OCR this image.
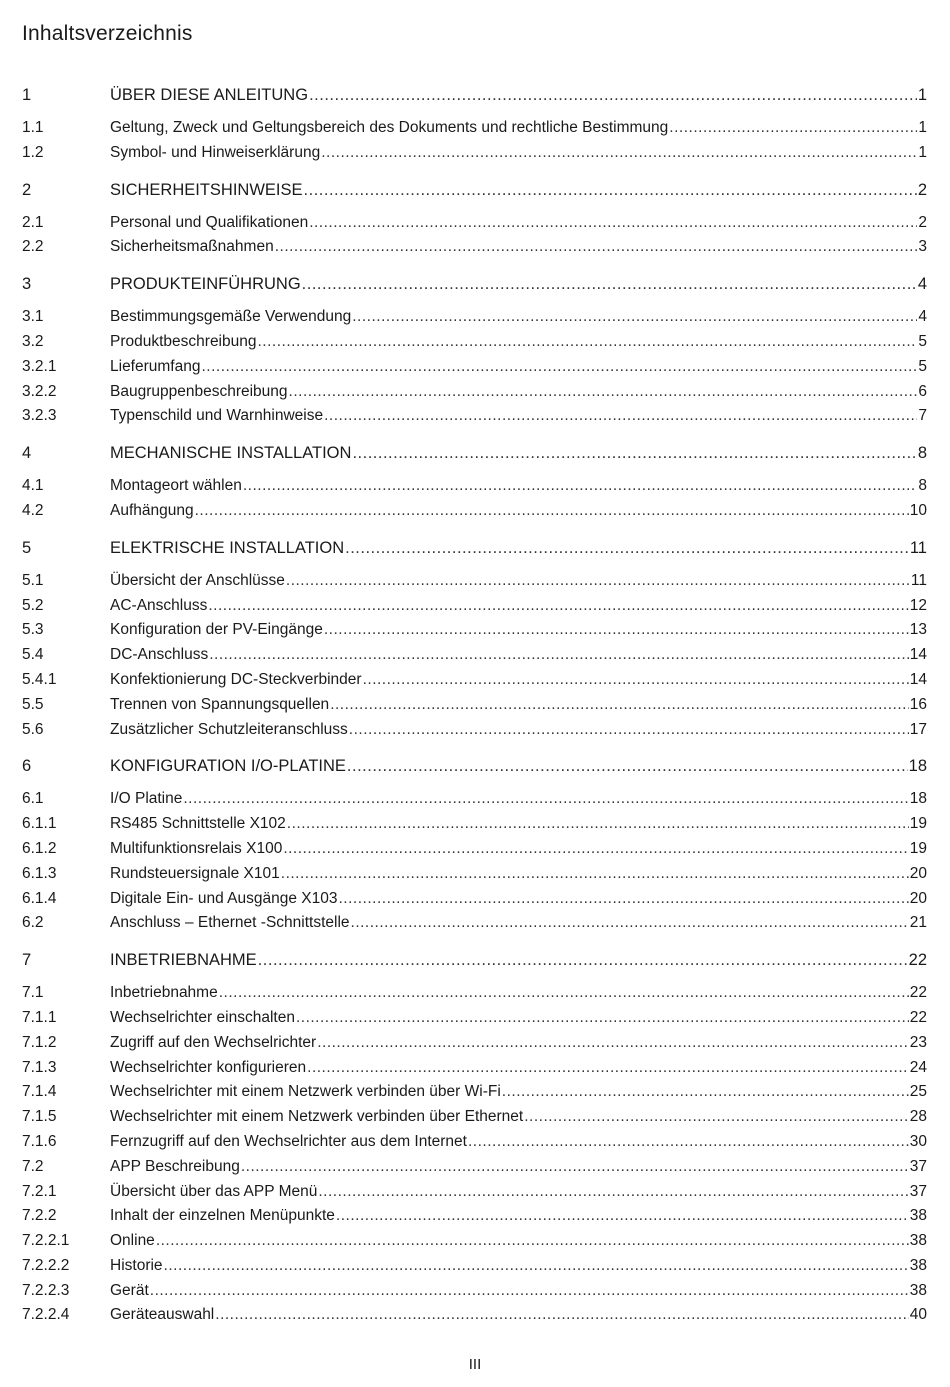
Inhaltsverzeichnis
1	ÜBER DIESE ANLEITUNG .....	1
1.1	Geltung, Zweck und Geltungsbereich des Dokuments und rechtliche Bestimmung .....	1
1.2	Symbol- und Hinweiserklärung .....	1
2	SICHERHEITSHINWEISE .....	2
2.1	Personal und Qualifikationen .....	2
2.2	Sicherheitsmaßnahmen .....	3
3	PRODUKTEINFÜHRUNG .....	4
3.1	Bestimmungsgemäße Verwendung .....	4
3.2	Produktbeschreibung .....	5
3.2.1	Lieferumfang .....	5
3.2.2	Baugruppenbeschreibung .....	6
3.2.3	Typenschild und Warnhinweise .....	7
4	MECHANISCHE INSTALLATION .....	8
4.1	Montageort wählen .....	8
4.2	Aufhängung .....	10
5	ELEKTRISCHE INSTALLATION .....	11
5.1	Übersicht der Anschlüsse .....	11
5.2	AC-Anschluss .....	12
5.3	Konfiguration der PV-Eingänge .....	13
5.4	DC-Anschluss .....	14
5.4.1	Konfektionierung DC-Steckverbinder .....	14
5.5	Trennen von Spannungsquellen .....	16
5.6	Zusätzlicher Schutzleiteranschluss .....	17
6	KONFIGURATION I/O-PLATINE .....	18
6.1	I/O Platine .....	18
6.1.1	RS485 Schnittstelle X102 .....	19
6.1.2	Multifunktionsrelais X100 .....	19
6.1.3	Rundsteuersignale X101 .....	20
6.1.4	Digitale Ein- und Ausgänge X103 .....	20
6.2	Anschluss – Ethernet -Schnittstelle .....	21
7	INBETRIEBNAHME .....	22
7.1	Inbetriebnahme .....	22
7.1.1	Wechselrichter einschalten .....	22
7.1.2	Zugriff auf den Wechselrichter .....	23
7.1.3	Wechselrichter konfigurieren .....	24
7.1.4	Wechselrichter mit einem Netzwerk verbinden über Wi-Fi .....	25
7.1.5	Wechselrichter mit einem Netzwerk verbinden über Ethernet .....	28
7.1.6	Fernzugriff auf den Wechselrichter aus dem Internet .....	30
7.2	APP Beschreibung .....	37
7.2.1	Übersicht über das APP Menü .....	37
7.2.2	Inhalt der einzelnen Menüpunkte .....	38
7.2.2.1	Online .....	38
7.2.2.2	Historie .....	38
7.2.2.3	Gerät .....	38
7.2.2.4	Geräteauswahl .....	40
III
